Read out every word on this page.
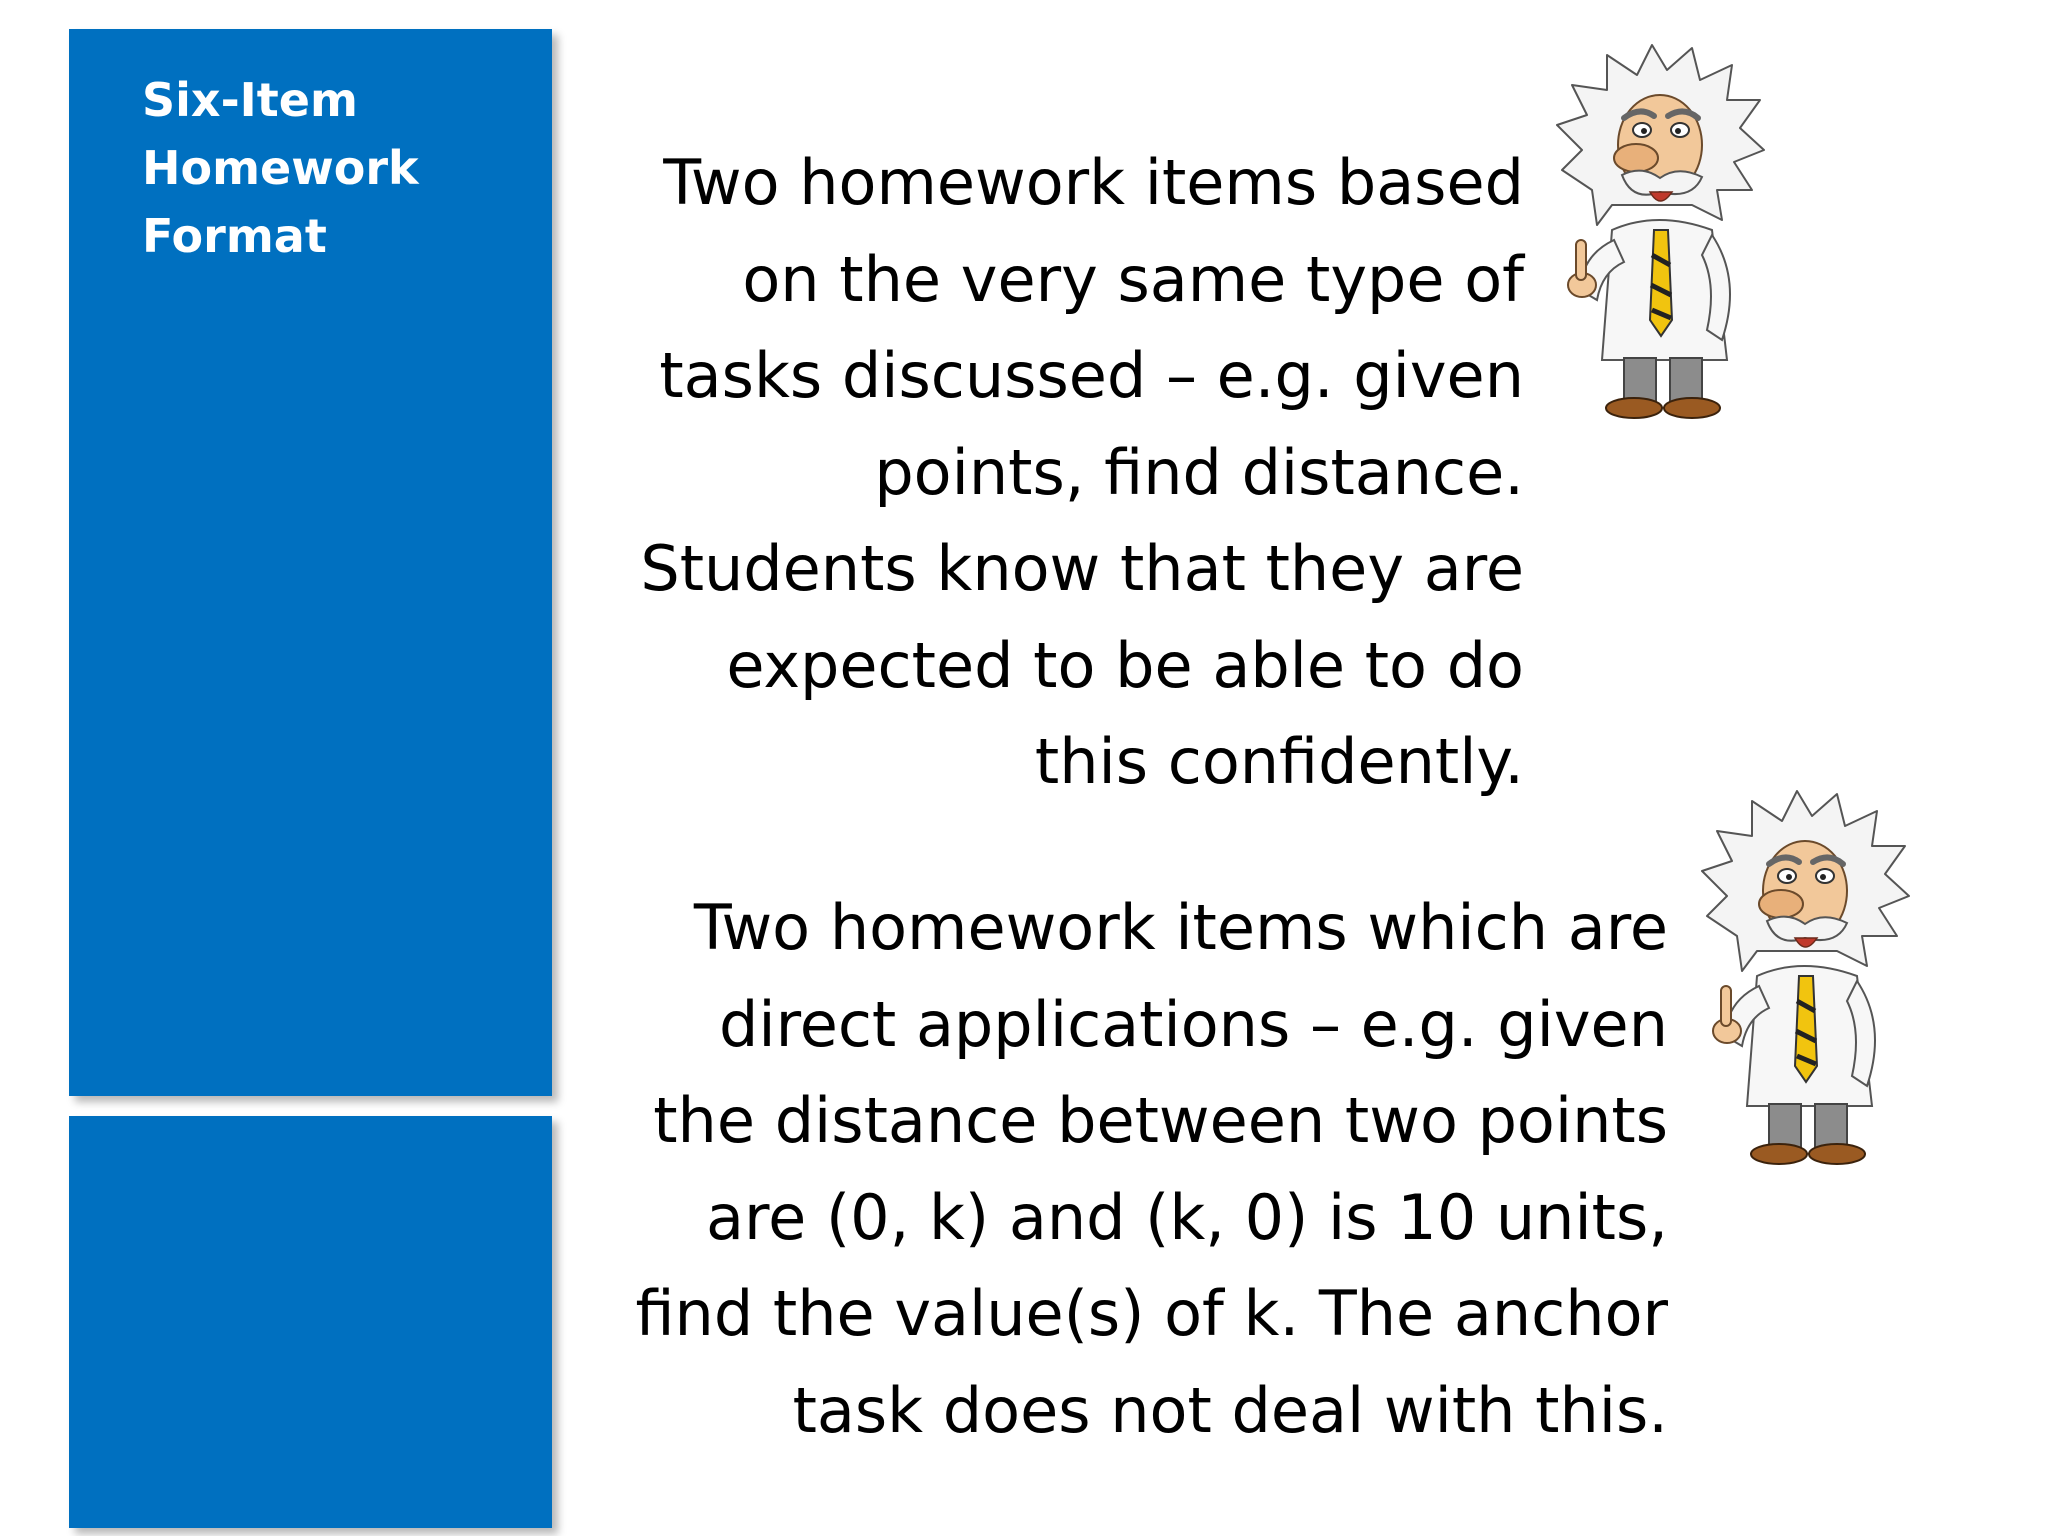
Six-Item
Homework
Format
Two homework items based
on the very same type of
tasks discussed – e.g. given
points, find distance.
Students know that they are
expected to be able to do
this confidently.
Two homework items which are
direct applications – e.g. given
the distance between two points
are (0, k) and (k, 0) is 10 units,
find the value(s) of k. The anchor
task does not deal with this.
